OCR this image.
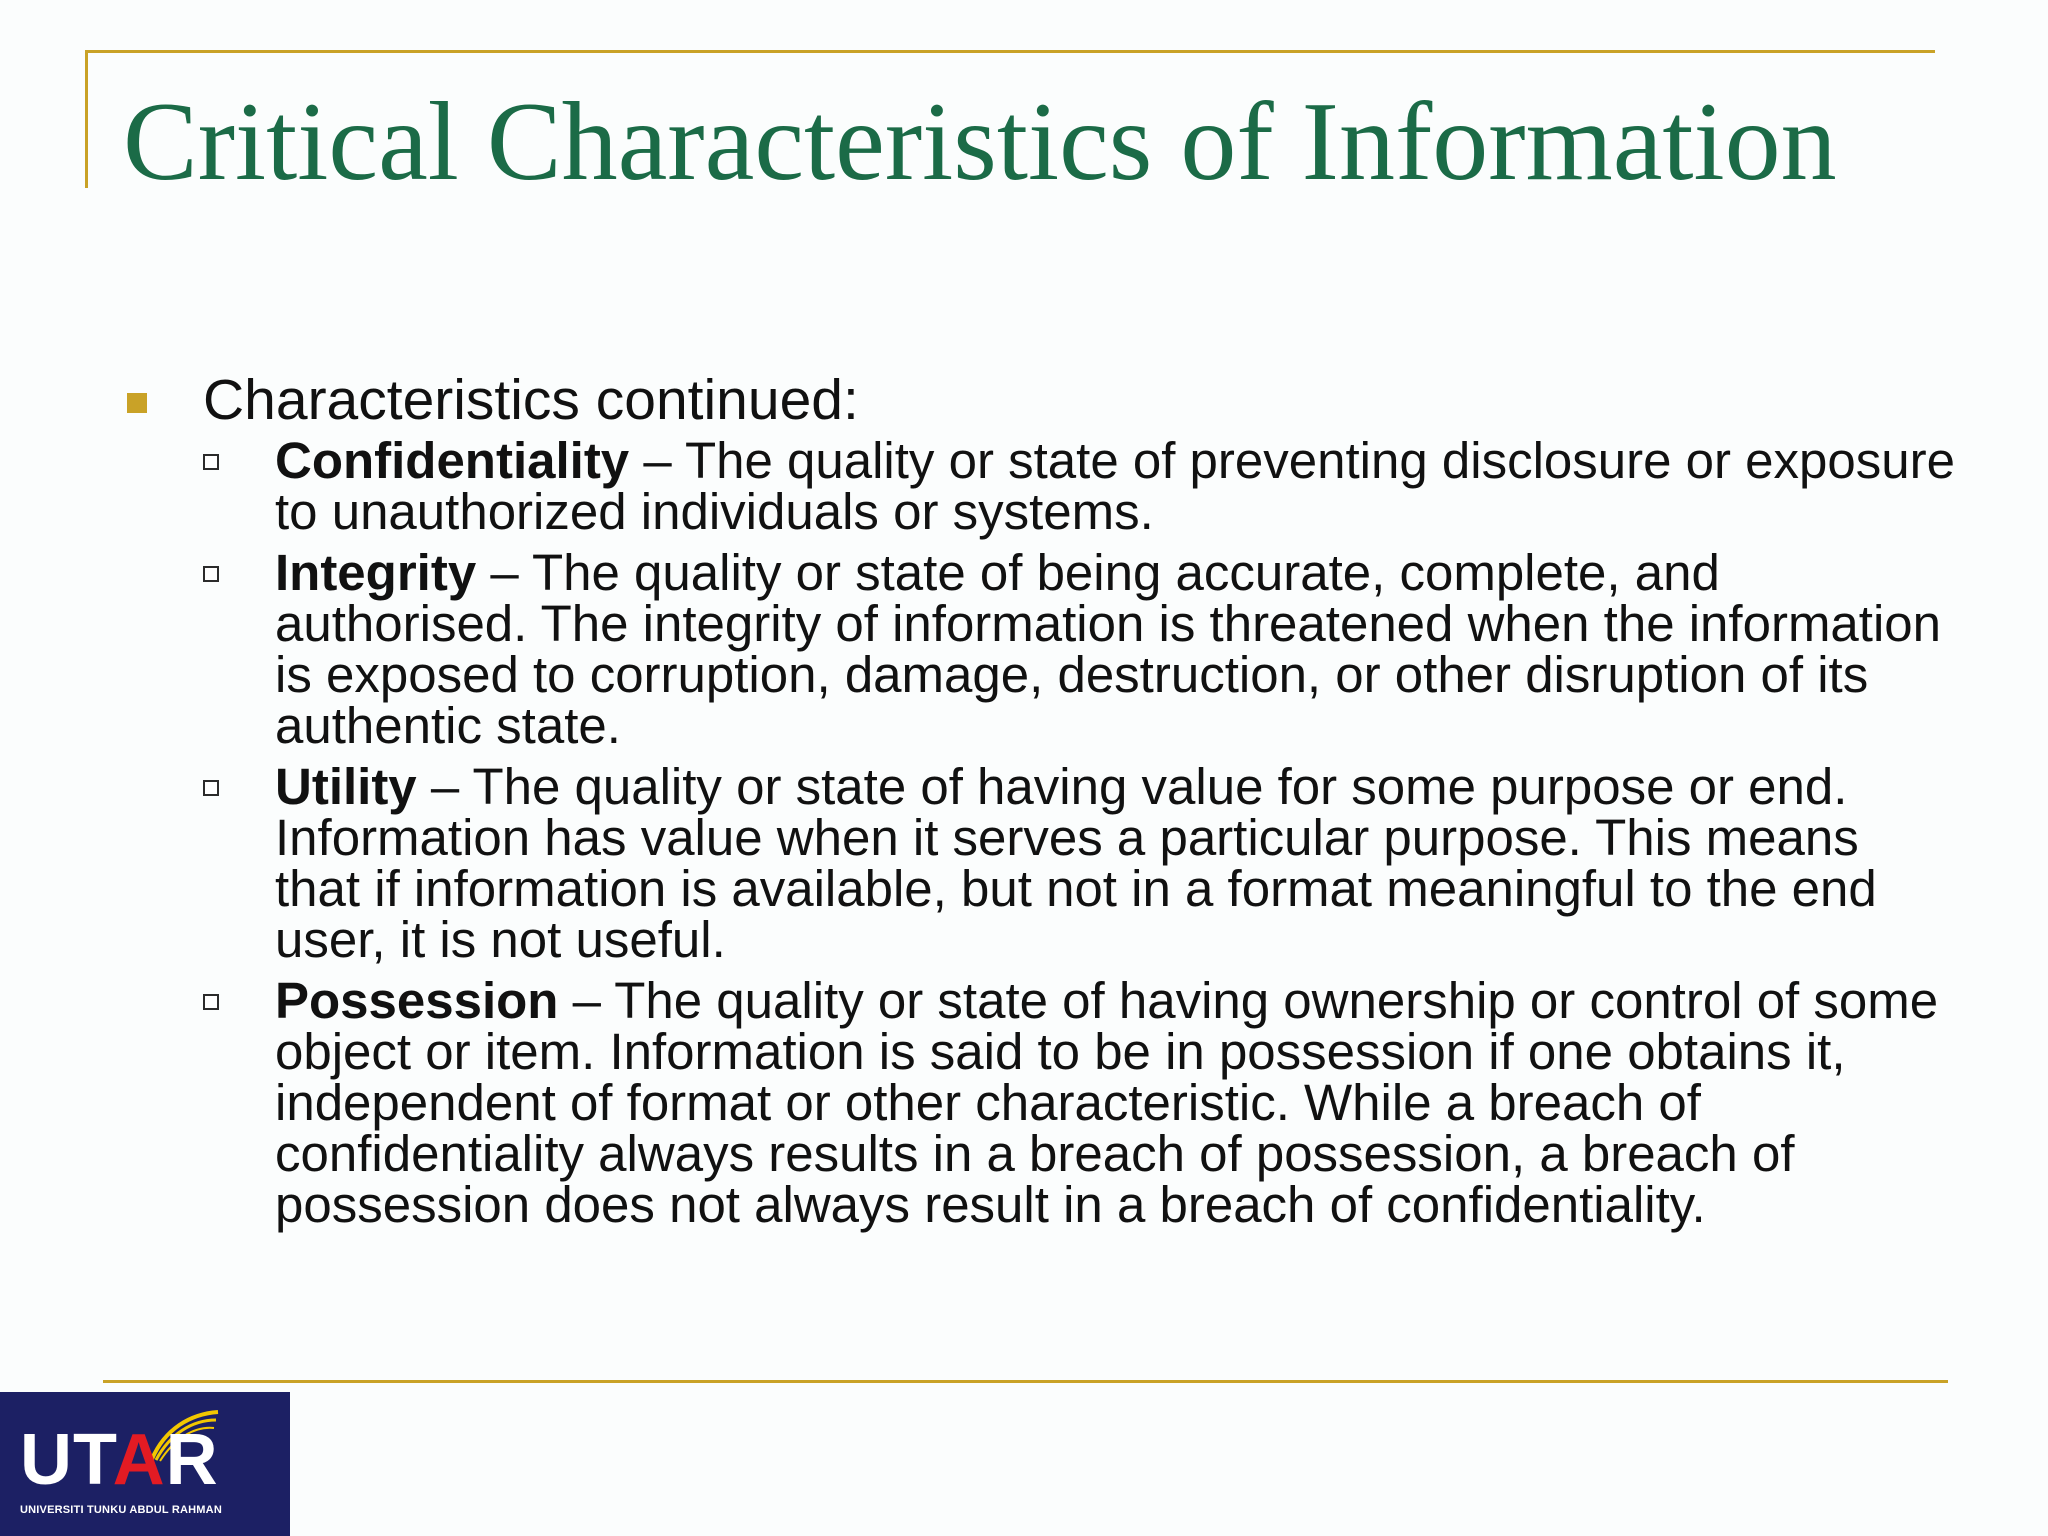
Critical Characteristics of Information
Characteristics continued:
Confidentiality – The quality or state of preventing disclosure or exposure to unauthorized individuals or systems.
Integrity – The quality or state of being accurate, complete, and authorised. The integrity of information is threatened when the information is exposed to corruption, damage, destruction, or other disruption of its authentic state.
Utility – The quality or state of having value for some purpose or end. Information has value when it serves a particular purpose. This means that if information is available, but not in a format meaningful to the end user, it is not useful.
Possession – The quality or state of having ownership or control of some object or item. Information is said to be in possession if one obtains it, independent of format or other characteristic. While a breach of confidentiality always results in a breach of possession, a breach of possession does not always result in a breach of confidentiality.
UTAR
UNIVERSITI TUNKU ABDUL RAHMAN
